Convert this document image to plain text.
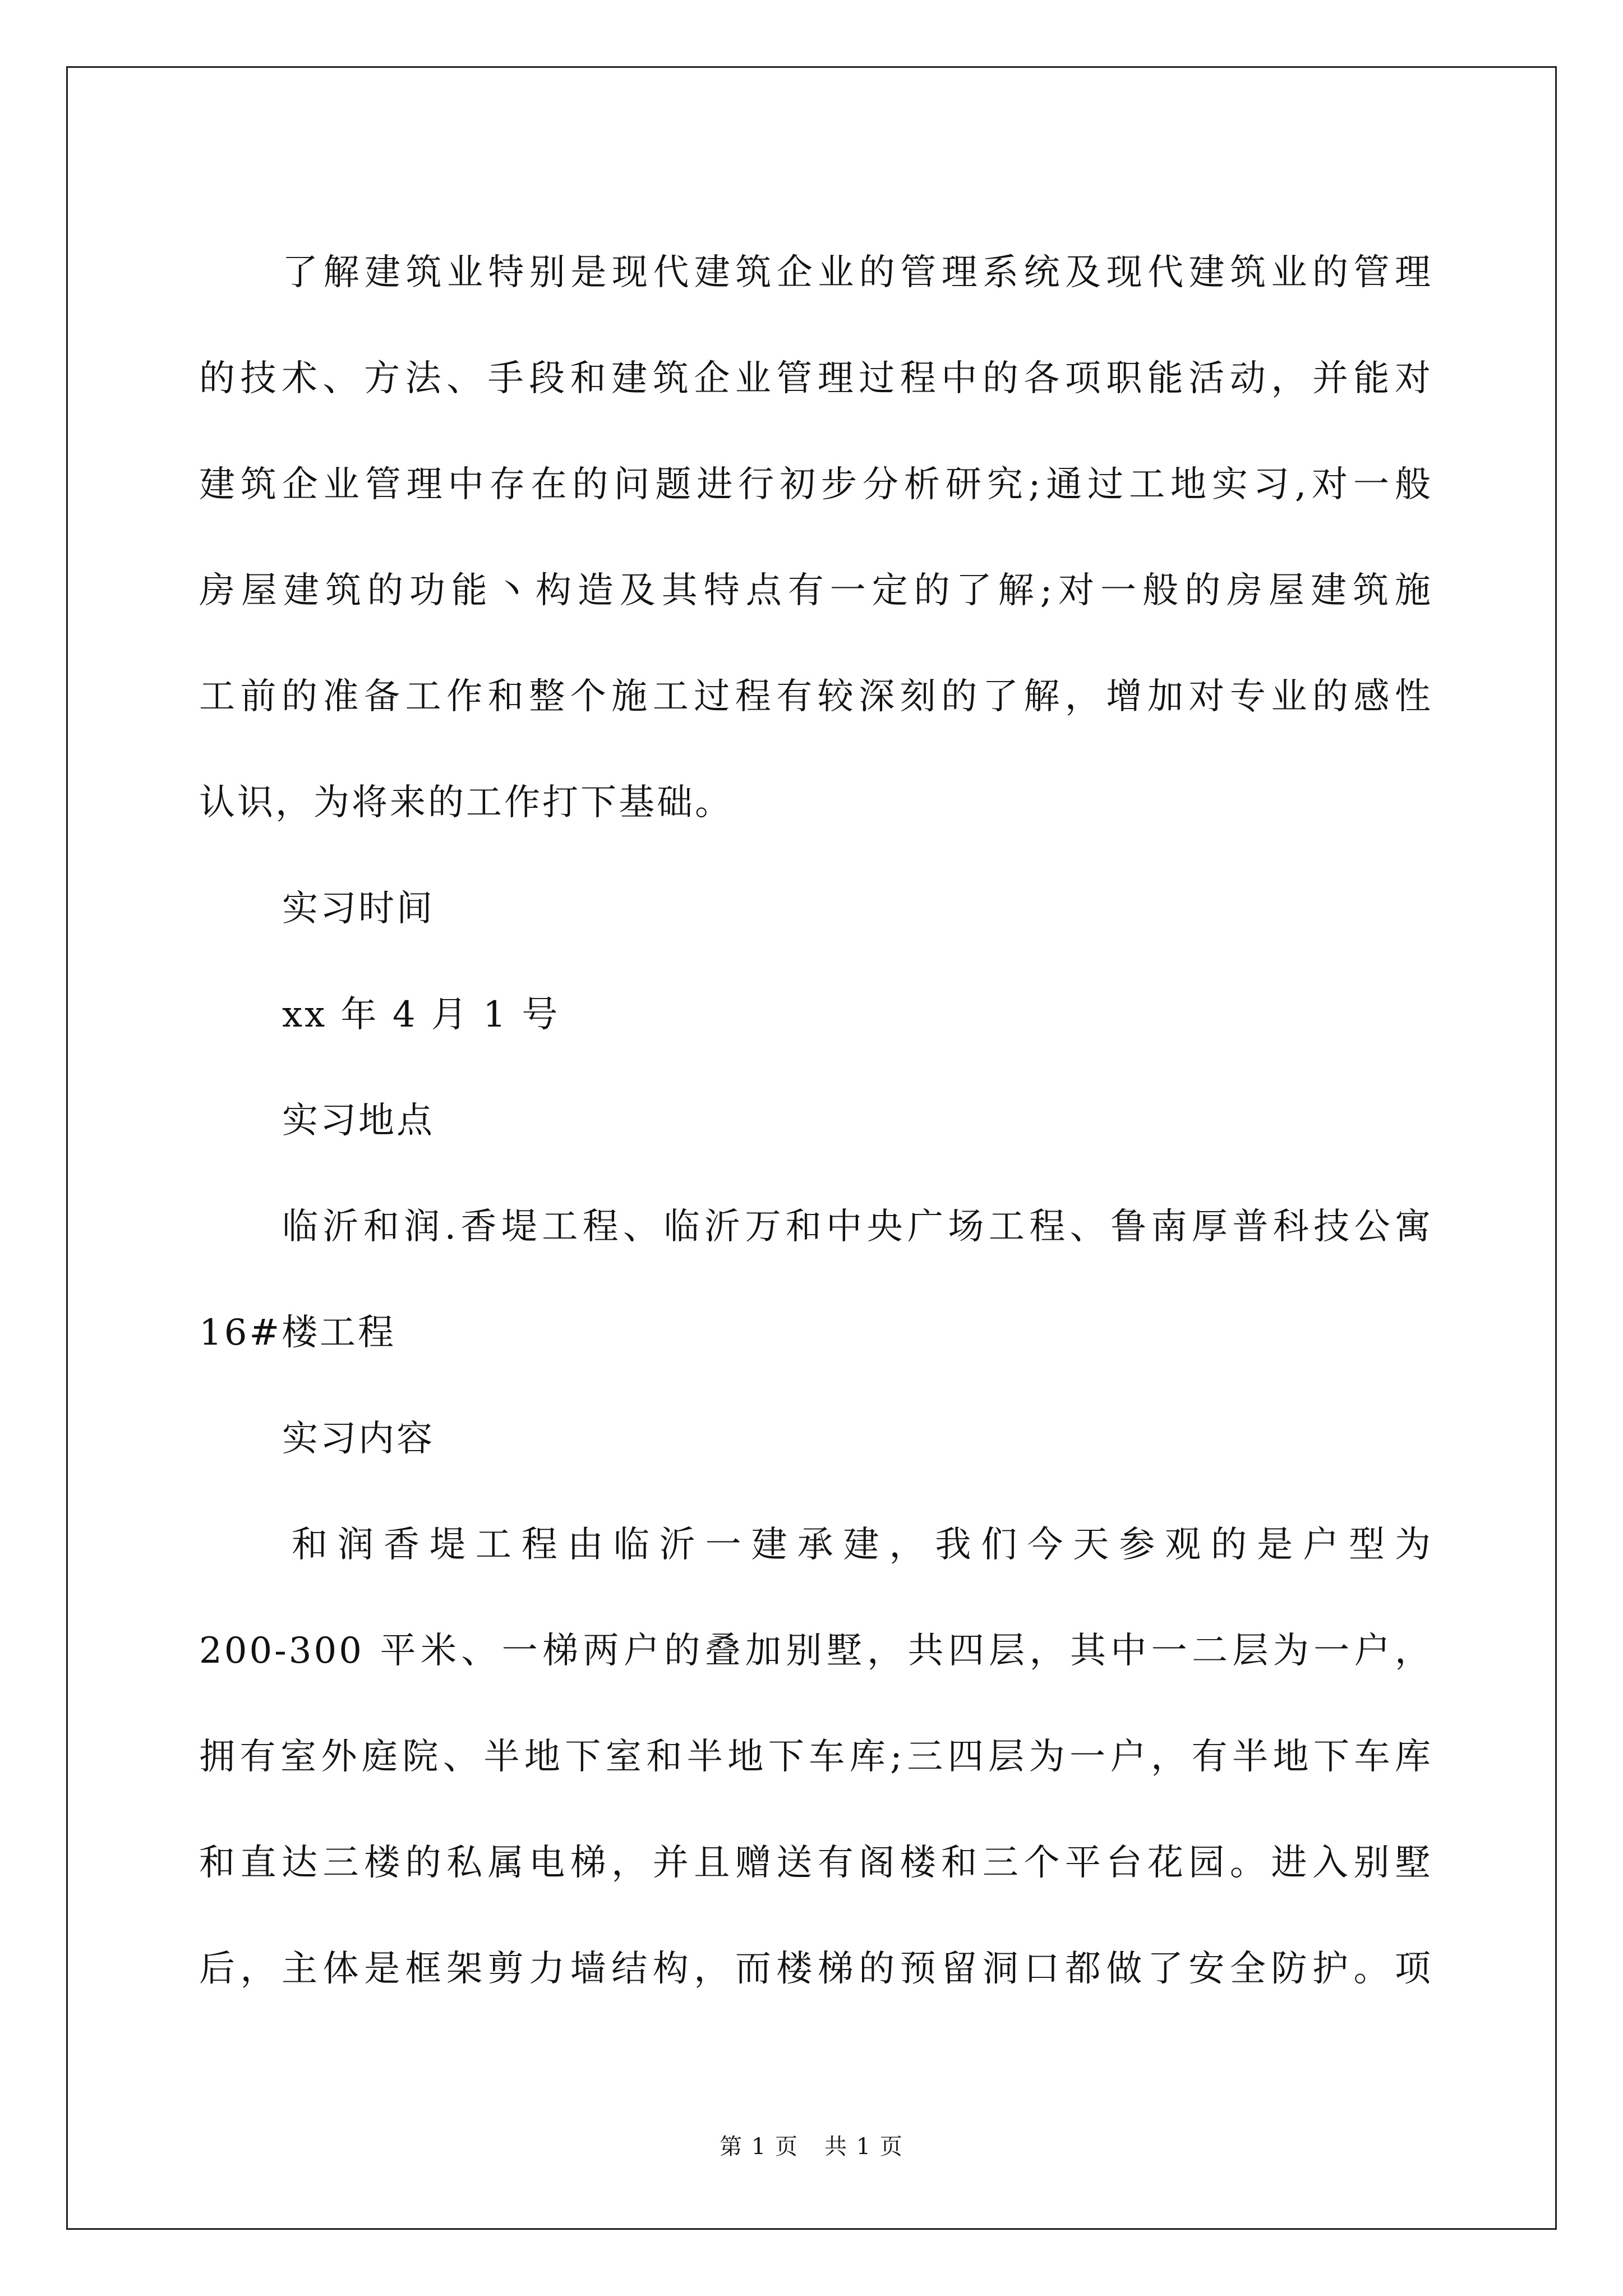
了解建筑业特别是现代建筑企业的管理系统及现代建筑业的管理
的技术、方法、手段和建筑企业管理过程中的各项职能活动，并能对
建筑企业管理中存在的问题进行初步分析研究;通过工地实习,对一般
房屋建筑的功能丶构造及其特点有一定的了解;对一般的房屋建筑施
工前的准备工作和整个施工过程有较深刻的了解，增加对专业的感性
认识，为将来的工作打下基础。
实习时间
xx 年 4 月 1 号
实习地点
临沂和润.香堤工程、临沂万和中央广场工程、鲁南厚普科技公寓
16#楼工程
实习内容
和润香堤工程由临沂一建承建，我们今天参观的是户型为
200-300 平米、一梯两户的叠加别墅，共四层，其中一二层为一户，
拥有室外庭院、半地下室和半地下车库;三四层为一户，有半地下车库
和直达三楼的私属电梯，并且赠送有阁楼和三个平台花园。进入别墅
后，主体是框架剪力墙结构，而楼梯的预留洞口都做了安全防护。项
第 1 页 共 1 页
